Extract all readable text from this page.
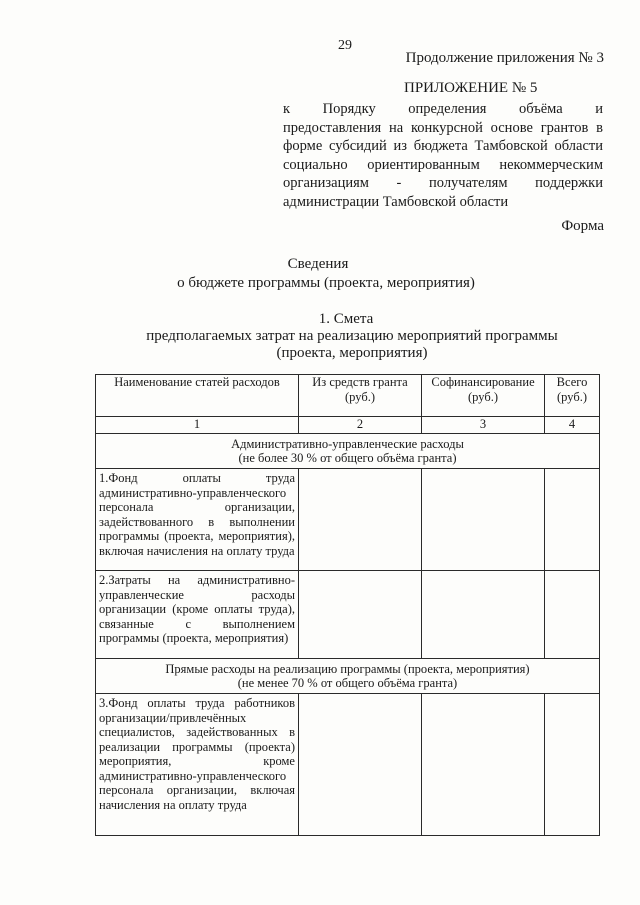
29
Продолжение приложения № 3
ПРИЛОЖЕНИЕ № 5
к Порядку определения объёма и
предоставления на конкурсной основе грантов в
форме субсидий из бюджета Тамбовской области
социально ориентированным некоммерческим
организациям - получателям поддержки
администрации Тамбовской области
Форма
Сведения
о бюджете программы (проекта, мероприятия)
1. Смета
предполагаемых затрат на реализацию мероприятий программы
(проекта, мероприятия)
Наименование статей расходов	Из средств гранта (руб.)	Софинансирование (руб.)	Всего (руб.)
1	2	3	4

Административно-управленческие расходы
(не более 30 % от общего объёма гранта)			

1.Фонд оплаты труда административно-управленческого персонала организации, задействованного в выполнении программы (проекта, мероприятия), включая начисления на оплату труда			
2.Затраты на административно-управленческие расходы организации (кроме оплаты труда), связанные с выполнением программы (проекта, мероприятия)			

Прямые расходы на реализацию программы (проекта, мероприятия)
(не менее 70 % от общего объёма гранта)			

3.Фонд оплаты труда работников организации/привлечённых специалистов, задействованных в реализации программы (проекта) мероприятия, кроме административно-управленческого персонала организации, включая начисления на оплату труда			
